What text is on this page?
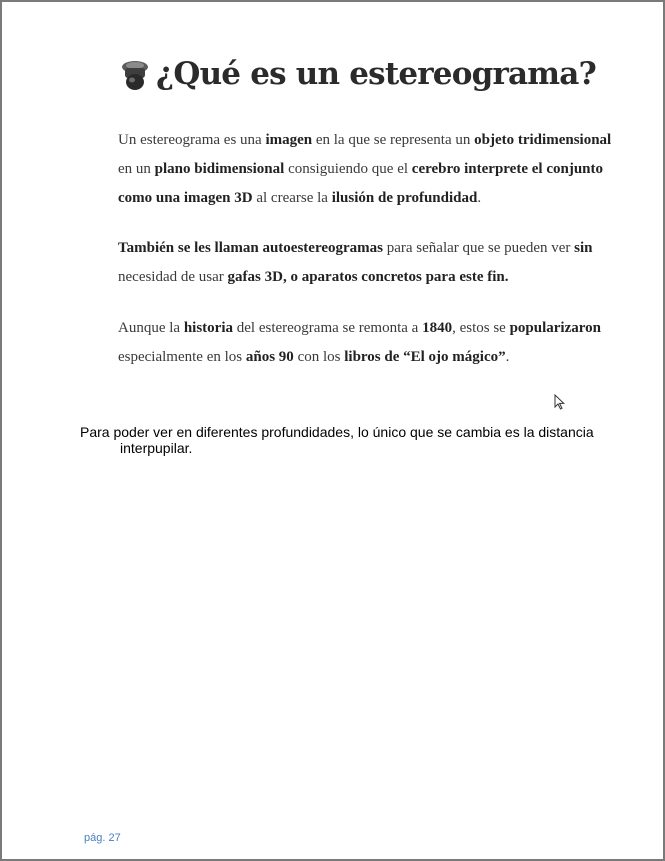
¿Qué es un estereograma?

Un estereograma es una imagen en la que se representa un objeto tridimensional en un plano bidimensional consiguiendo que el cerebro interprete el conjunto como una imagen 3D al crearse la ilusión de profundidad.

También se les llaman autoestereogramas para señalar que se pueden ver sin necesidad de usar gafas 3D, o aparatos concretos para este fin.

Aunque la historia del estereograma se remonta a 1840, estos se popularizaron especialmente en los años 90 con los libros de “El ojo mágico”.

Para poder ver en diferentes profundidades, lo único que se cambia es la distancia
interpupilar.

pág. 27
